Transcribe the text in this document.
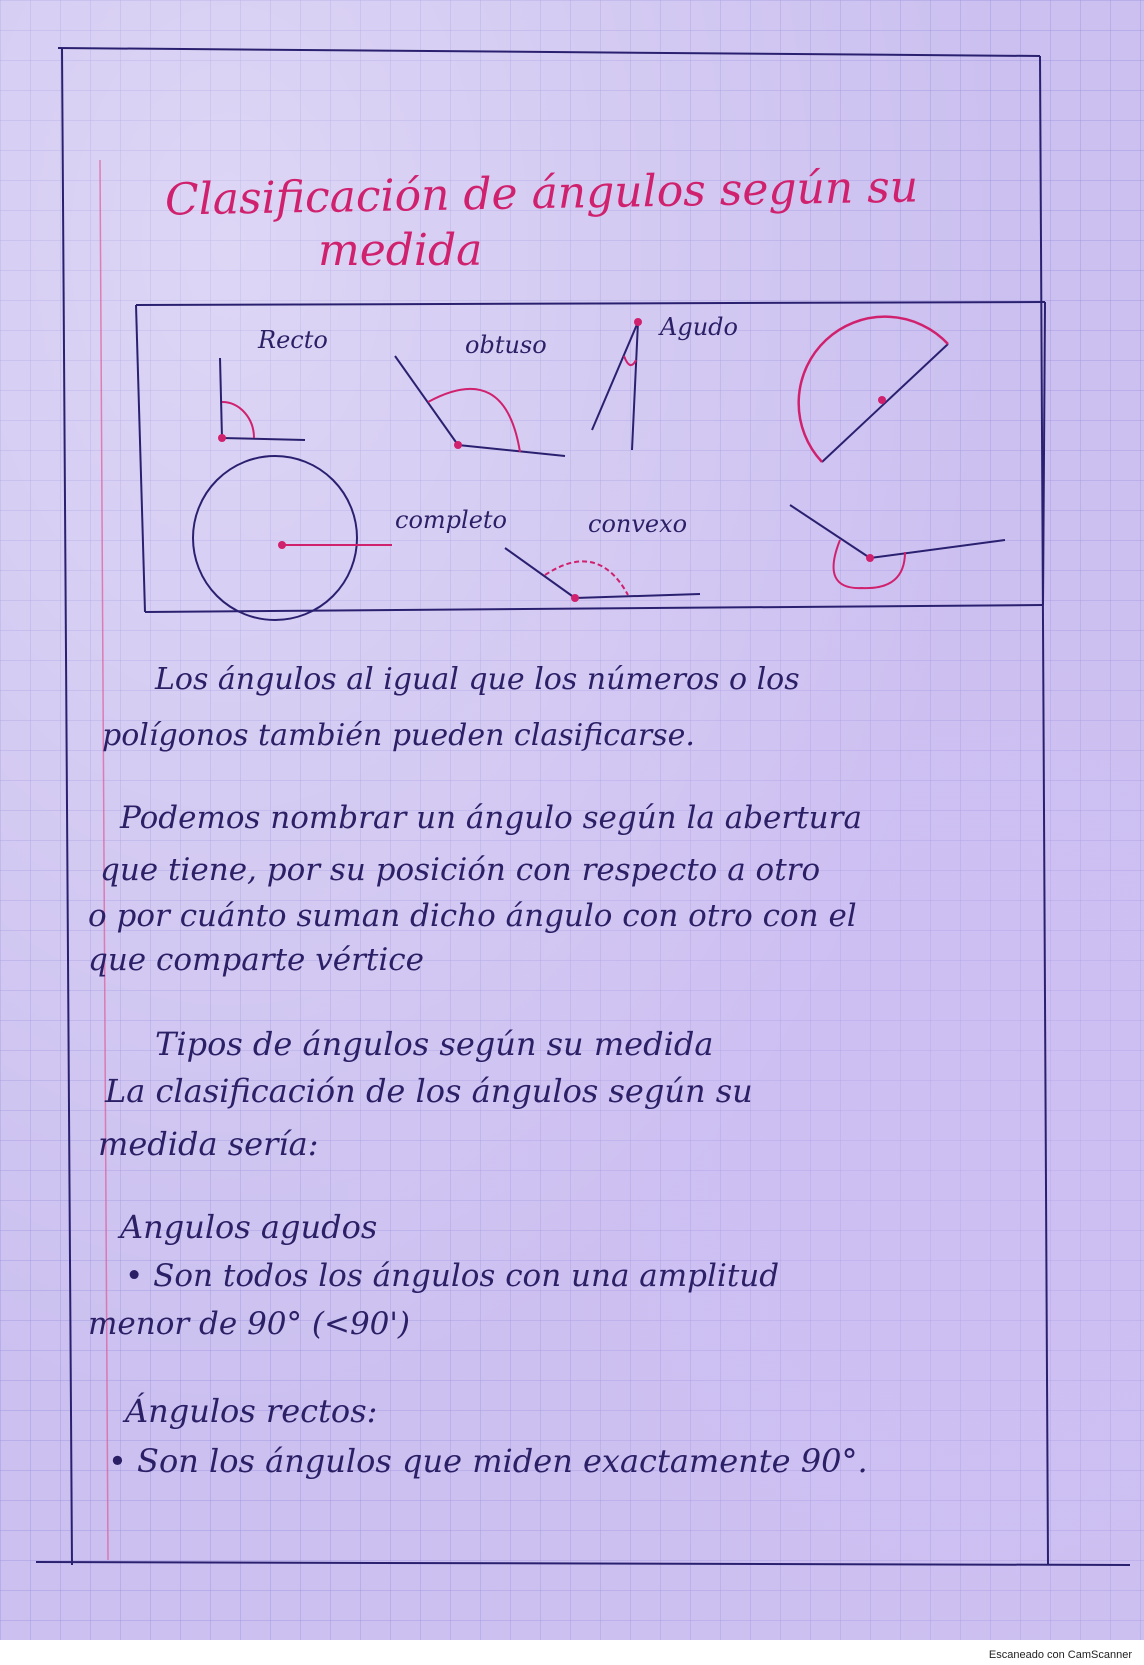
Clasificación de ángulos según su
medida
Recto	obtuso
Agudo
completo	convexo
Los ángulos al igual que los números o los
polígonos también pueden clasificarse.
Podemos nombrar un ángulo según la abertura
que tiene, por su posición con respecto a otro
o por cuánto suman dicho ángulo con otro con el
que comparte vértice
Tipos de ángulos según su medida
La clasificación de los ángulos según su
medida sería:
Angulos agudos
• Son todos los ángulos con una amplitud
menor de 90° (<90')
Ángulos rectos:
• Son los ángulos que miden exactamente 90°.
Escaneado con CamScanner
